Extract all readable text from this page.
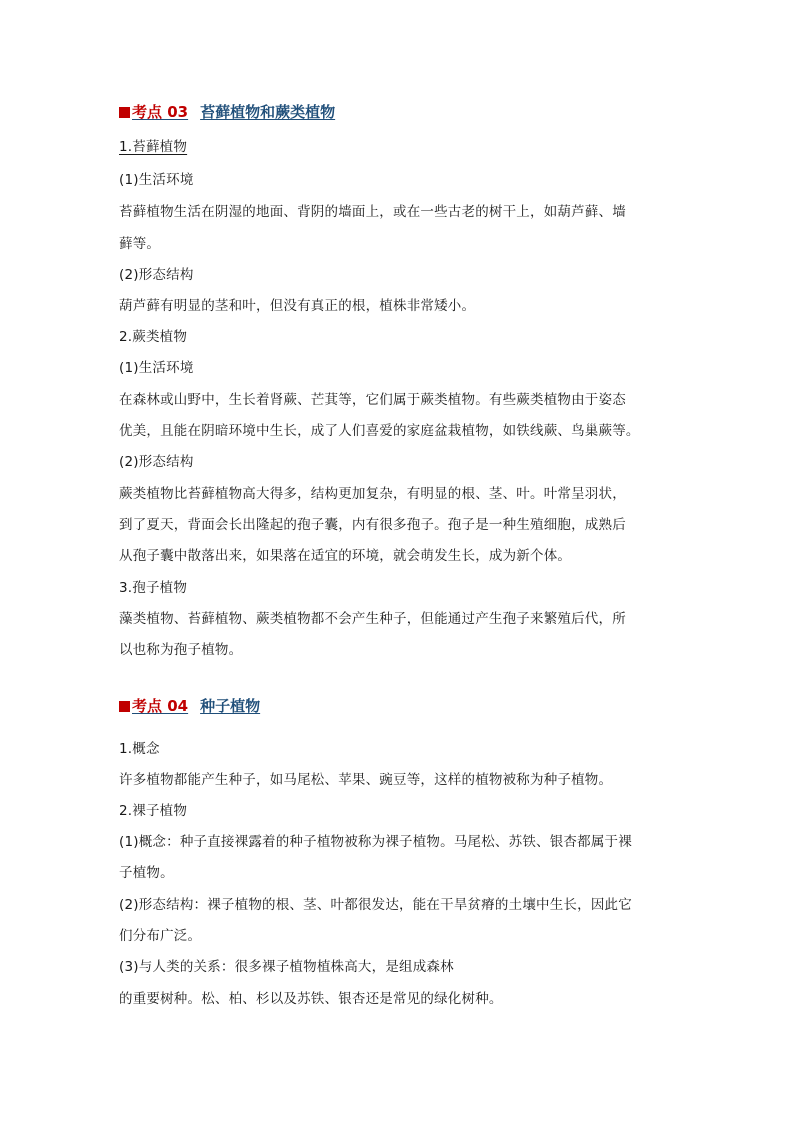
考点 03 苔藓植物和蕨类植物
1.苔藓植物
(1)生活环境
苔藓植物生活在阴湿的地面、背阴的墙面上，或在一些古老的树干上，如葫芦藓、墙
藓等。
(2)形态结构
葫芦藓有明显的茎和叶，但没有真正的根，植株非常矮小。
2.蕨类植物
(1)生活环境
在森林或山野中，生长着肾蕨、芒萁等，它们属于蕨类植物。有些蕨类植物由于姿态
优美，且能在阴暗环境中生长，成了人们喜爱的家庭盆栽植物，如铁线蕨、鸟巢蕨等。
(2)形态结构
蕨类植物比苔藓植物高大得多，结构更加复杂，有明显的根、茎、叶。叶常呈羽状，
到了夏天，背面会长出隆起的孢子囊，内有很多孢子。孢子是一种生殖细胞，成熟后
从孢子囊中散落出来，如果落在适宜的环境，就会萌发生长，成为新个体。
3.孢子植物
藻类植物、苔藓植物、蕨类植物都不会产生种子，但能通过产生孢子来繁殖后代，所
以也称为孢子植物。
考点 04 种子植物
1.概念
许多植物都能产生种子，如马尾松、苹果、豌豆等，这样的植物被称为种子植物。
2.裸子植物
(1)概念：种子直接裸露着的种子植物被称为裸子植物。马尾松、苏铁、银杏都属于裸
子植物。
(2)形态结构：裸子植物的根、茎、叶都很发达，能在干旱贫瘠的土壤中生长，因此它
们分布广泛。
(3)与人类的关系：很多裸子植物植株高大，是组成森林
的重要树种。松、柏、杉以及苏铁、银杏还是常见的绿化树种。
